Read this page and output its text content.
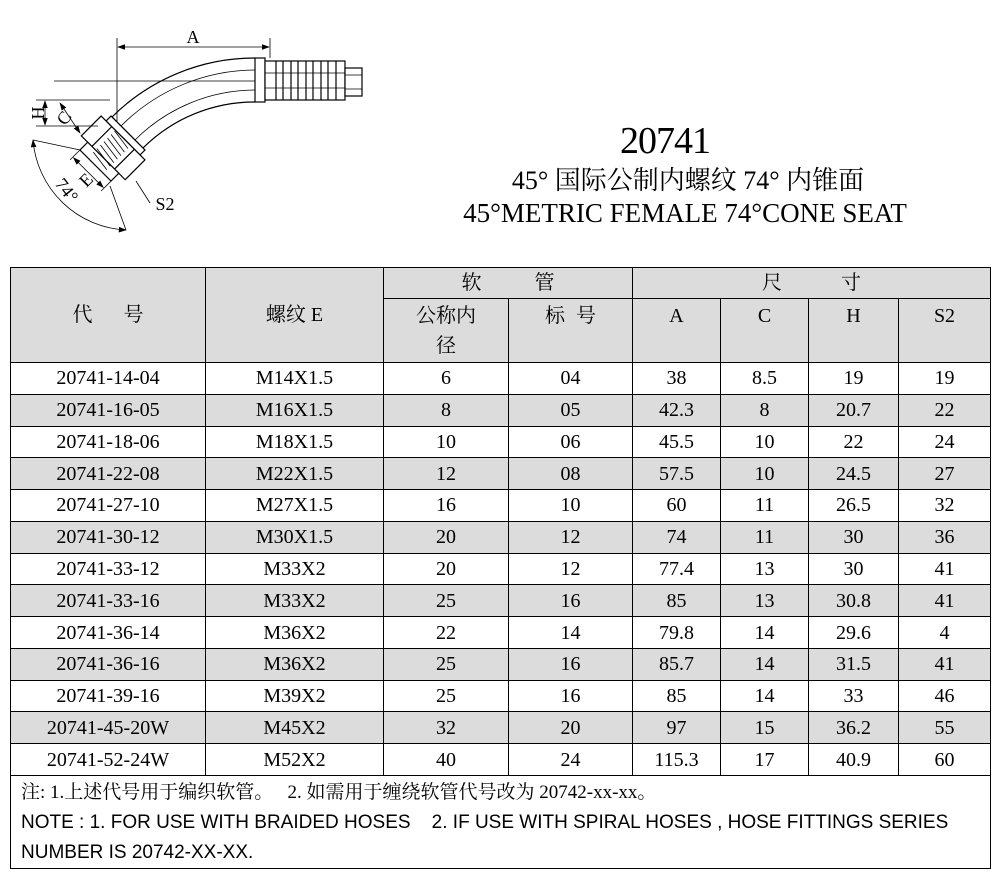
A
74°
H C
E
S2
20741
45° 国际公制内螺纹 74° 内锥面
45°METRIC FEMALE 74°CONE SEAT
代 号	螺纹 E	软 管		尺 寸			
		公称内径	标 号	A	C	H	S2
20741-14-04	M14X1.5	6	04	38	8.5	19	19
20741-16-05	M16X1.5	8	05	42.3	8	20.7	22
20741-18-06	M18X1.5	10	06	45.5	10	22	24
20741-22-08	M22X1.5	12	08	57.5	10	24.5	27
20741-27-10	M27X1.5	16	10	60	11	26.5	32
20741-30-12	M30X1.5	20	12	74	11	30	36
20741-33-12	M33X2	20	12	77.4	13	30	41
20741-33-16	M33X2	25	16	85	13	30.8	41
20741-36-14	M36X2	22	14	79.8	14	29.6	4
20741-36-16	M36X2	25	16	85.7	14	31.5	41
20741-39-16	M39X2	25	16	85	14	33	46
20741-45-20W	M45X2	32	20	97	15	36.2	55
20741-52-24W	M52X2	40	24	115.3	17	40.9	60

注: 1.上述代号用于编织软管。   2. 如需用于缠绕软管代号改为 20742-xx-xx。
NOTE : 1. FOR USE WITH BRAIDED HOSES    2. IF USE WITH SPIRAL HOSES , HOSE FITTINGS SERIES
NUMBER IS 20742-XX-XX.							
